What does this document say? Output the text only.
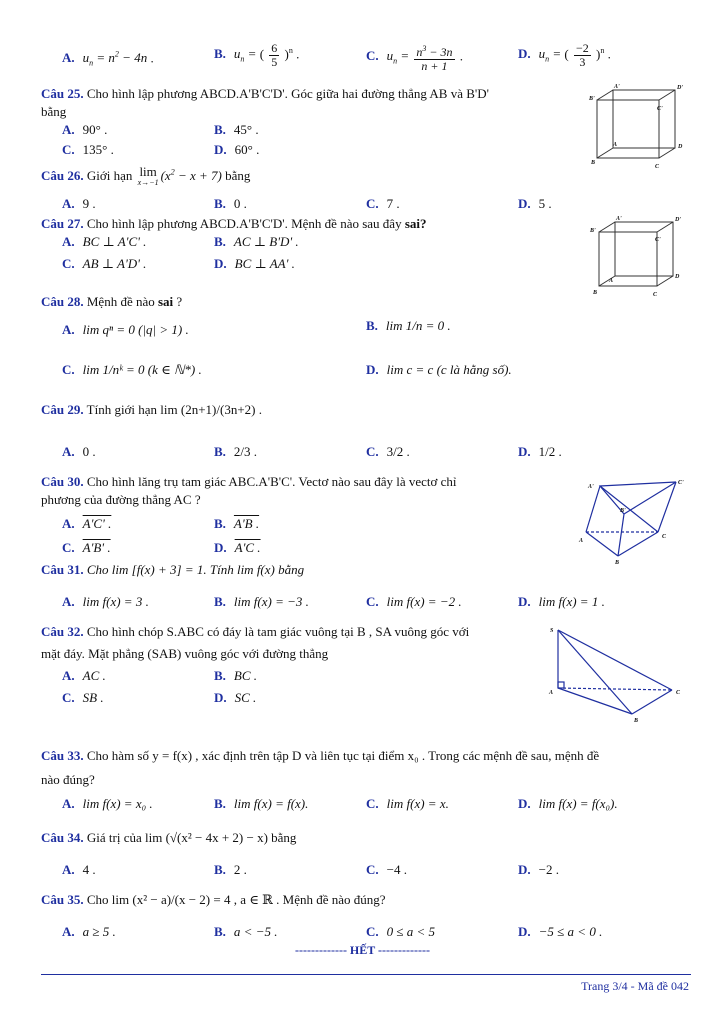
A. $u_n = n^2 - 4n$ .	B. $u_n$ = ( $\frac{6}{5} )^n$ .	C. $u_n = \frac{n^3 - 3n}{n + 1}$ .	D. $u_n$ = ( $\frac{-2}{3} )^n$ .
Câu 25. Cho hình lập phương ABCD.A'B'C'D'. Góc giữa hai đường thẳng AB và B'D'
bằng
A. 90° .	B. 45° .
C. 135° .	D. 60° .
A'	D'
B'
C'
A	D
B
C
Câu 26. Giới hạn lim
x→−1 $(x^2 - x + 7)$ bằng
A. 9 .	B. 0 .	C. 7 .	D. 5 .
Câu 27. Cho hình lập phương ABCD.A'B'C'D'. Mệnh đề nào sau đây sai?
A. BC ⊥ A'C' .	B. AC ⊥ B'D' .
C. AB ⊥ A'D' .	D. BC ⊥ AA' .
A'	D'
B'
C'
A
D
B	C
Câu 28. Mệnh đề nào sai ?
A. lim qⁿ = 0 (|q| > 1) .	B. lim 1/n = 0 .
C. lim 1/nᵏ = 0 (k ∈ ℕ*) .	D. lim c = c (c là hằng số).
Câu 29. Tính giới hạn lim (2n+1)/(3n+2) .
A. 0 .	B. 2/3 .	C. 3/2 .	D. 1/2 .
Câu 30. Cho hình lăng trụ tam giác ABC.A'B'C'. Vectơ nào sau đây là vectơ chỉ
phương của đường thẳng AC ?
A. A'C' .	B. A'B .
C. A'B' .	D. A'C .
A'
C'
B'
A
C
B
Câu 31. Cho lim [f(x) + 3] = 1. Tính lim f(x) bằng
A. lim f(x) = 3 .	B. lim f(x) = −3 .	C. lim f(x) = −2 .	D. lim f(x) = 1 .
Câu 32. Cho hình chóp S.ABC có đáy là tam giác vuông tại B , SA vuông góc với
mặt đáy. Mặt phẳng (SAB) vuông góc với đường thẳng
A. AC .	B. BC .
C. SB .	D. SC .
S
A	C
B
Câu 33. Cho hàm số y = f(x) , xác định trên tập D và liên tục tại điểm x₀ . Trong các mệnh đề sau, mệnh đề
nào đúng?
A. lim f(x) = x₀ .	B. lim f(x) = f(x).	C. lim f(x) = x.	D. lim f(x) = f(x₀).
Câu 34. Giá trị của lim (√(x² − 4x + 2) − x) bằng
A. 4 .	B. 2 .	C. −4 .	D. −2 .
Câu 35. Cho lim (x² − a)/(x − 2) = 4 , a ∈ ℝ . Mệnh đề nào đúng?
A. a ≥ 5 .	B. a < −5 .	C. 0 ≤ a < 5	D. −5 ≤ a < 0 .
------------- HẾT -------------
Trang 3/4 - Mã đề 042
